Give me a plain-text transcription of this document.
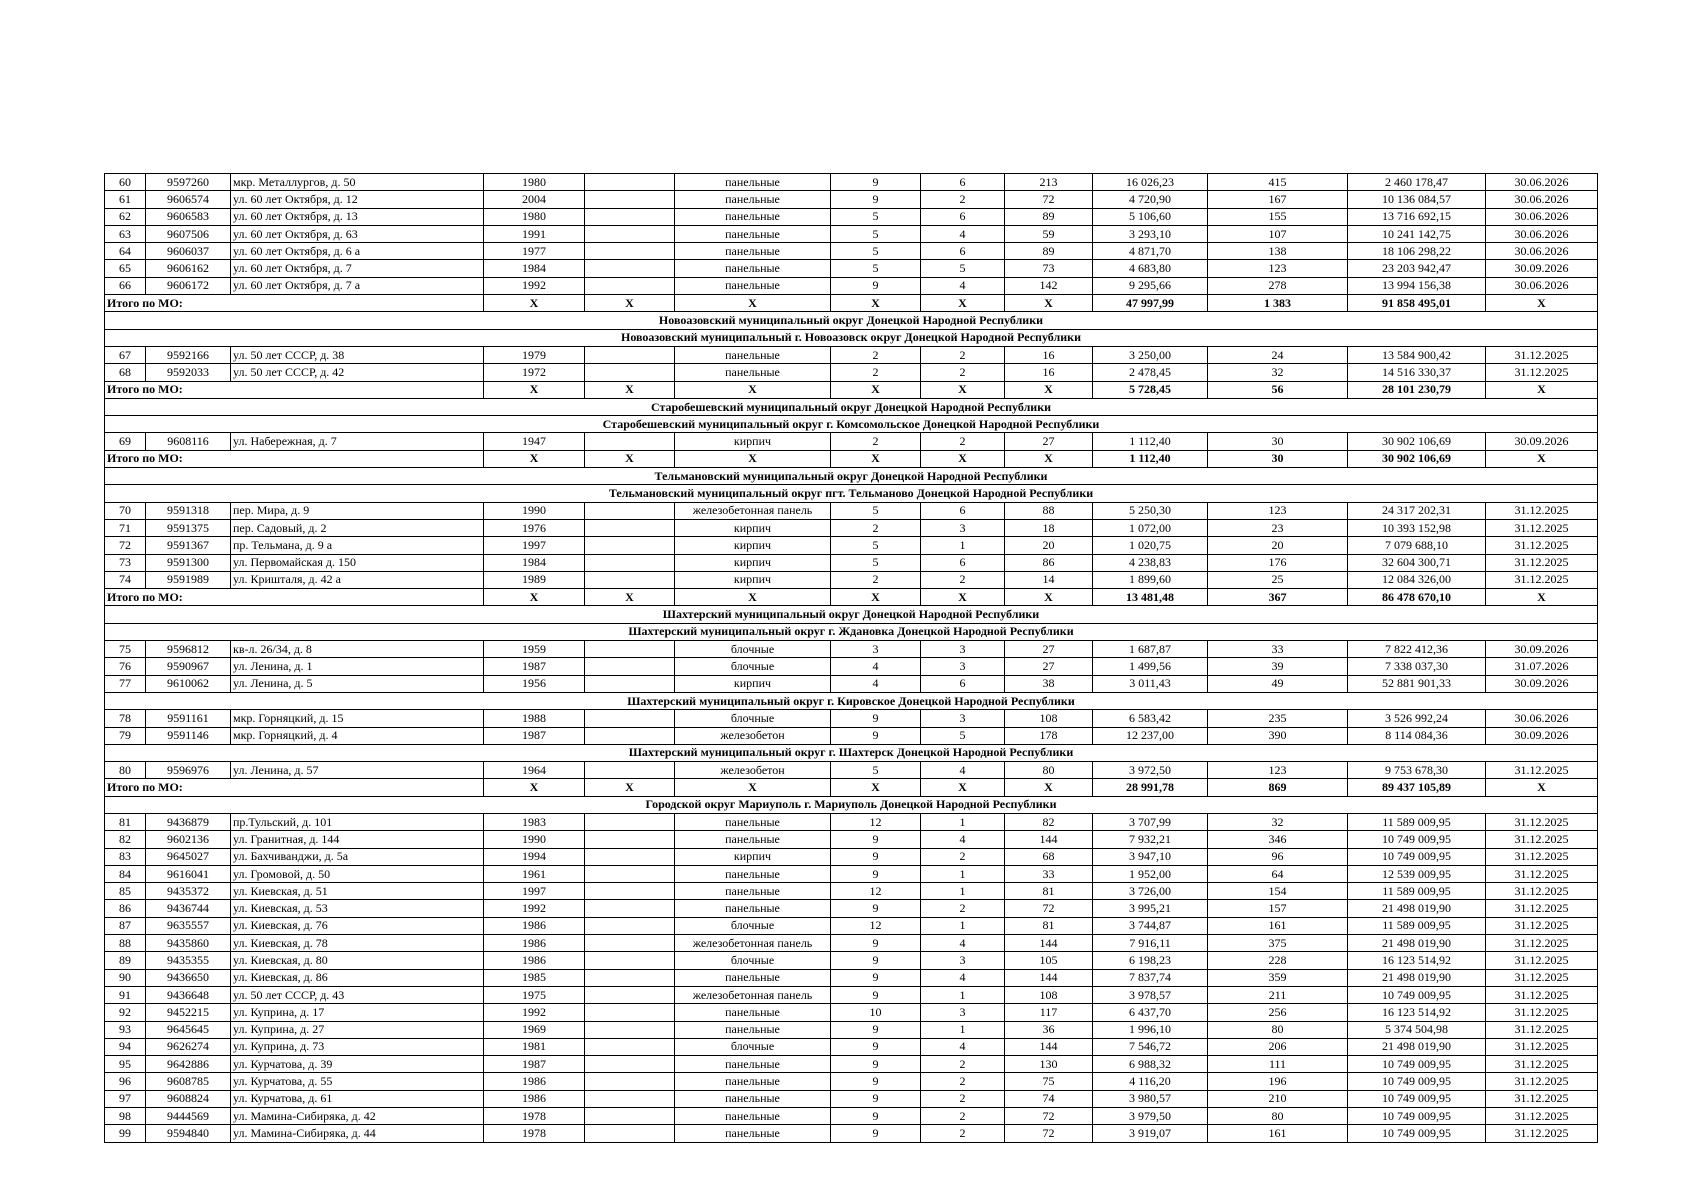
60	9597260	мкр. Металлургов, д. 50	1980		панельные	9	6	213	16 026,23	415	2 460 178,47	30.06.2026
61	9606574	ул. 60 лет Октября, д. 12	2004		панельные	9	2	72	4 720,90	167	10 136 084,57	30.06.2026
62	9606583	ул. 60 лет Октября, д. 13	1980		панельные	5	6	89	5 106,60	155	13 716 692,15	30.06.2026
63	9607506	ул. 60 лет Октября, д. 63	1991		панельные	5	4	59	3 293,10	107	10 241 142,75	30.06.2026
64	9606037	ул. 60 лет Октября, д. 6 а	1977		панельные	5	6	89	4 871,70	138	18 106 298,22	30.06.2026
65	9606162	ул. 60 лет Октября, д. 7	1984		панельные	5	5	73	4 683,80	123	23 203 942,47	30.09.2026
66	9606172	ул. 60 лет Октября, д. 7 а	1992		панельные	9	4	142	9 295,66	278	13 994 156,38	30.06.2026
Итого по МО:			X	X	X	X	X	X	47 997,99	1 383	91 858 495,01	X
Новоазовский муниципальный округ Донецкой Народной Республики												
Новоазовский муниципальный г. Новоазовск округ Донецкой Народной Республики												
67	9592166	ул. 50 лет СССР, д. 38	1979		панельные	2	2	16	3 250,00	24	13 584 900,42	31.12.2025
68	9592033	ул. 50 лет СССР, д. 42	1972		панельные	2	2	16	2 478,45	32	14 516 330,37	31.12.2025
Итого по МО:			X	X	X	X	X	X	5 728,45	56	28 101 230,79	X
Старобешевский муниципальный округ Донецкой Народной Республики												
Старобешевский муниципальный округ г. Комсомольское Донецкой Народной Республики												
69	9608116	ул. Набережная, д. 7	1947		кирпич	2	2	27	1 112,40	30	30 902 106,69	30.09.2026
Итого по МО:			X	X	X	X	X	X	1 112,40	30	30 902 106,69	X
Тельмановский муниципальный округ Донецкой Народной Республики												
Тельмановский муниципальный округ пгт. Тельманово Донецкой Народной Республики												
70	9591318	пер. Мира, д. 9	1990		железобетонная панель	5	6	88	5 250,30	123	24 317 202,31	31.12.2025
71	9591375	пер. Садовый, д. 2	1976		кирпич	2	3	18	1 072,00	23	10 393 152,98	31.12.2025
72	9591367	пр. Тельмана, д. 9 а	1997		кирпич	5	1	20	1 020,75	20	7 079 688,10	31.12.2025
73	9591300	ул. Первомайская д. 150	1984		кирпич	5	6	86	4 238,83	176	32 604 300,71	31.12.2025
74	9591989	ул. Кришталя, д. 42 а	1989		кирпич	2	2	14	1 899,60	25	12 084 326,00	31.12.2025
Итого по МО:			X	X	X	X	X	X	13 481,48	367	86 478 670,10	X
Шахтерский муниципальный округ Донецкой Народной Республики												
Шахтерский муниципальный округ г. Ждановка Донецкой Народной Республики												
75	9596812	кв-л. 26/34, д. 8	1959		блочные	3	3	27	1 687,87	33	7 822 412,36	30.09.2026
76	9590967	ул. Ленина, д. 1	1987		блочные	4	3	27	1 499,56	39	7 338 037,30	31.07.2026
77	9610062	ул. Ленина, д. 5	1956		кирпич	4	6	38	3 011,43	49	52 881 901,33	30.09.2026
Шахтерский муниципальный округ г. Кировское Донецкой Народной Республики												
78	9591161	мкр. Горняцкий, д. 15	1988		блочные	9	3	108	6 583,42	235	3 526 992,24	30.06.2026
79	9591146	мкр. Горняцкий, д. 4	1987		железобетон	9	5	178	12 237,00	390	8 114 084,36	30.09.2026
Шахтерский муниципальный округ г. Шахтерск Донецкой Народной Республики												
80	9596976	ул. Ленина, д. 57	1964		железобетон	5	4	80	3 972,50	123	9 753 678,30	31.12.2025
Итого по МО:			X	X	X	X	X	X	28 991,78	869	89 437 105,89	X
Городской округ Мариуполь г. Мариуполь Донецкой Народной Республики												
81	9436879	пр.Тульский, д. 101	1983		панельные	12	1	82	3 707,99	32	11 589 009,95	31.12.2025
82	9602136	ул. Гранитная, д. 144	1990		панельные	9	4	144	7 932,21	346	10 749 009,95	31.12.2025
83	9645027	ул. Бахчиванджи, д. 5а	1994		кирпич	9	2	68	3 947,10	96	10 749 009,95	31.12.2025
84	9616041	ул. Громовой, д. 50	1961		панельные	9	1	33	1 952,00	64	12 539 009,95	31.12.2025
85	9435372	ул. Киевская, д. 51	1997		панельные	12	1	81	3 726,00	154	11 589 009,95	31.12.2025
86	9436744	ул. Киевская, д. 53	1992		панельные	9	2	72	3 995,21	157	21 498 019,90	31.12.2025
87	9635557	ул. Киевская, д. 76	1986		блочные	12	1	81	3 744,87	161	11 589 009,95	31.12.2025
88	9435860	ул. Киевская, д. 78	1986		железобетонная панель	9	4	144	7 916,11	375	21 498 019,90	31.12.2025
89	9435355	ул. Киевская, д. 80	1986		блочные	9	3	105	6 198,23	228	16 123 514,92	31.12.2025
90	9436650	ул. Киевская, д. 86	1985		панельные	9	4	144	7 837,74	359	21 498 019,90	31.12.2025
91	9436648	ул. 50 лет СССР, д. 43	1975		железобетонная панель	9	1	108	3 978,57	211	10 749 009,95	31.12.2025
92	9452215	ул. Куприна, д. 17	1992		панельные	10	3	117	6 437,70	256	16 123 514,92	31.12.2025
93	9645645	ул. Куприна, д. 27	1969		панельные	9	1	36	1 996,10	80	5 374 504,98	31.12.2025
94	9626274	ул. Куприна, д. 73	1981		блочные	9	4	144	7 546,72	206	21 498 019,90	31.12.2025
95	9642886	ул. Курчатова, д. 39	1987		панельные	9	2	130	6 988,32	111	10 749 009,95	31.12.2025
96	9608785	ул. Курчатова, д. 55	1986		панельные	9	2	75	4 116,20	196	10 749 009,95	31.12.2025
97	9608824	ул. Курчатова, д. 61	1986		панельные	9	2	74	3 980,57	210	10 749 009,95	31.12.2025
98	9444569	ул. Мамина-Сибиряка, д. 42	1978		панельные	9	2	72	3 979,50	80	10 749 009,95	31.12.2025
99	9594840	ул. Мамина-Сибиряка, д. 44	1978		панельные	9	2	72	3 919,07	161	10 749 009,95	31.12.2025
